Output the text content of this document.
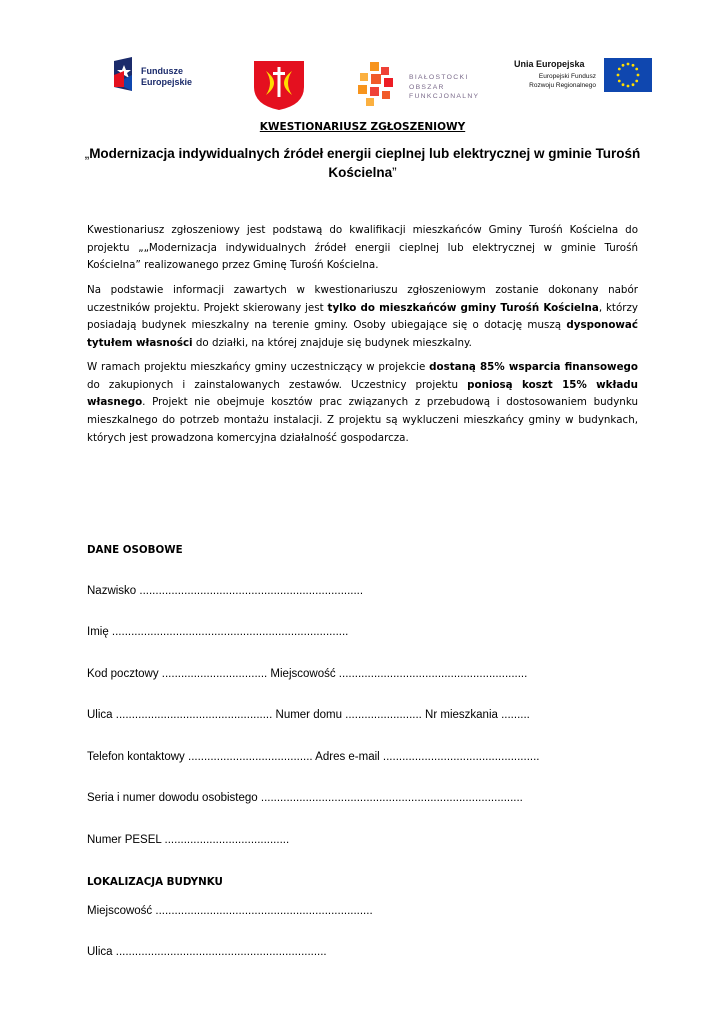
Fundusze
Europejskie	BIAŁOSTOCKI
OBSZAR
FUNKCJONALNY
Unia Europejska
Europejski Fundusz
Rozwoju Regionalnego
KWESTIONARIUSZ ZGŁOSZENIOWY
„Modernizacja indywidualnych źródeł energii cieplnej lub elektrycznej w gminie Turośń Kościelna”
Kwestionariusz zgłoszeniowy jest podstawą do kwalifikacji mieszkańców Gminy Turośń Kościelna do projektu „„Modernizacja indywidualnych źródeł energii cieplnej lub elektrycznej w gminie Turośń Kościelna” realizowanego przez Gminę Turośń Kościelna.
Na podstawie informacji zawartych w kwestionariuszu zgłoszeniowym zostanie dokonany nabór uczestników projektu. Projekt skierowany jest tylko do mieszkańców gminy Turośń Kościelna, którzy posiadają budynek mieszkalny na terenie gminy. Osoby ubiegające się o dotację muszą dysponować tytułem własności do działki, na której znajduje się budynek mieszkalny.
W ramach projektu mieszkańcy gminy uczestniczący w projekcie dostaną 85% wsparcia finansowego do zakupionych i zainstalowanych zestawów. Uczestnicy projektu poniosą koszt 15% wkładu własnego. Projekt nie obejmuje kosztów prac związanych z przebudową i dostosowaniem budynku mieszkalnego do potrzeb montażu instalacji. Z projektu są wykluczeni mieszkańcy gminy w budynkach, których jest prowadzona komercyjna działalność gospodarcza.
DANE OSOBOWE
Nazwisko ......................................................................
Imię ..........................................................................
Kod pocztowy ................................. Miejscowość ...........................................................
Ulica ................................................. Numer domu ........................ Nr mieszkania .........
Telefon kontaktowy ....................................... Adres e-mail .................................................
Seria i numer dowodu osobistego ..................................................................................
Numer PESEL .......................................
LOKALIZACJA BUDYNKU
Miejscowość ....................................................................
Ulica ..................................................................
